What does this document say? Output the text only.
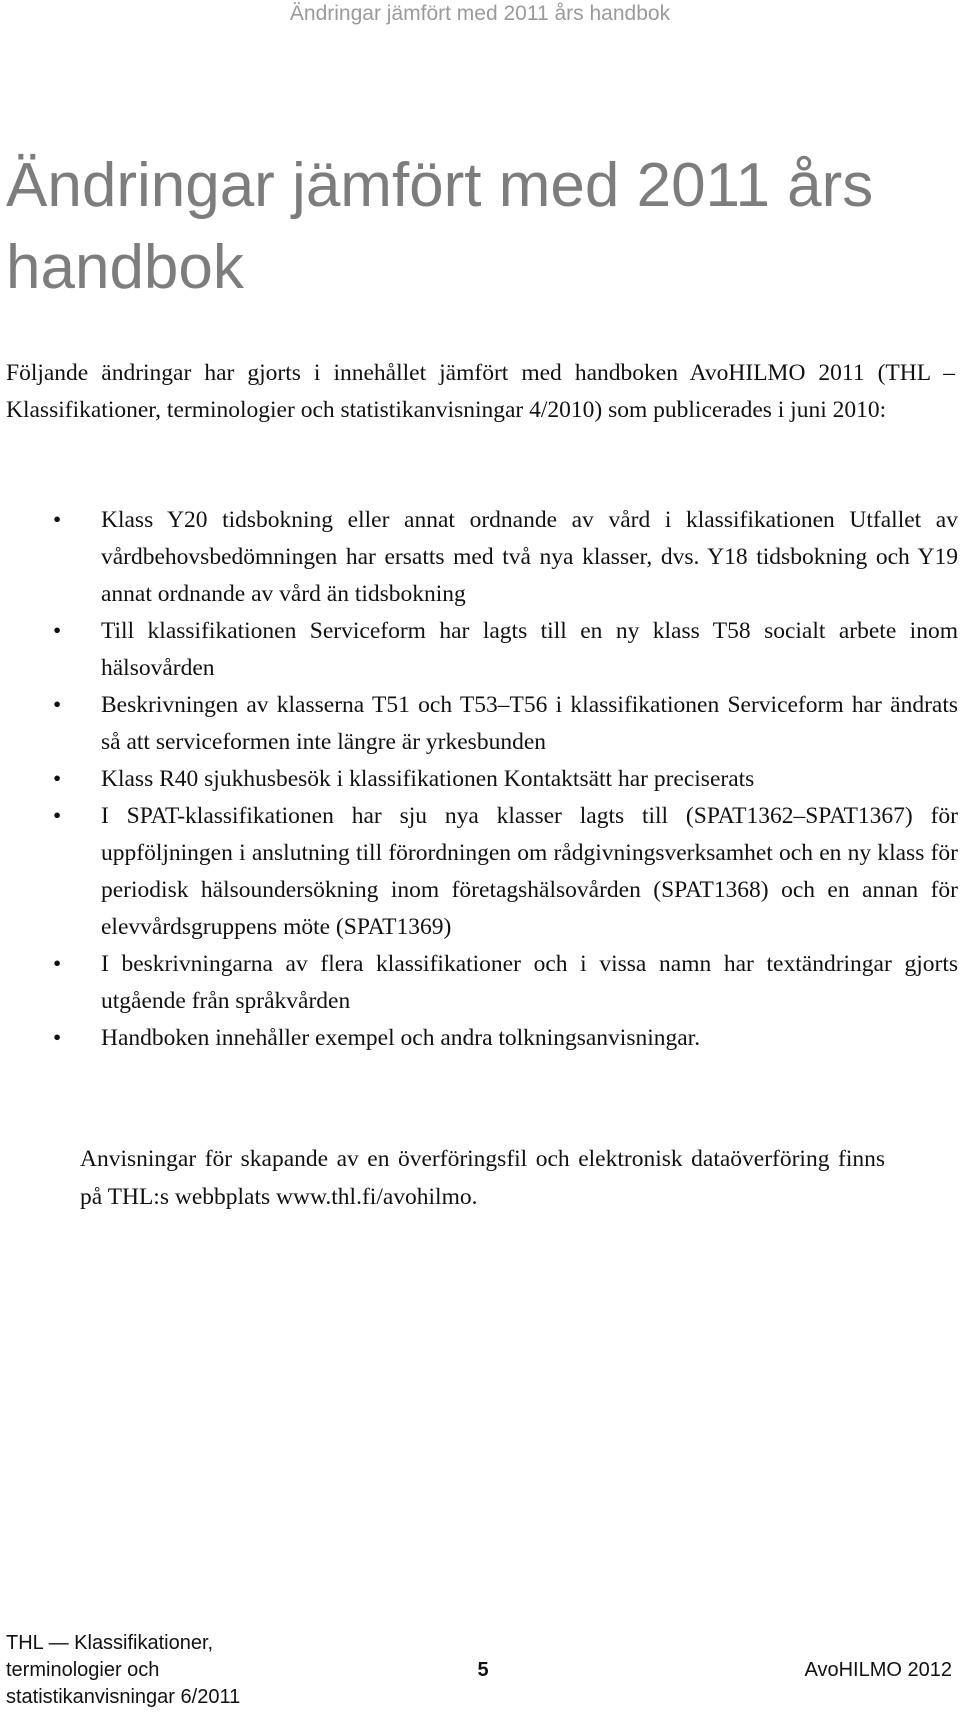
Ändringar jämfört med 2011 års handbok
Ändringar jämfört med 2011 års handbok

Följande ändringar har gjorts i innehållet jämfört med handboken AvoHILMO 2011 (THL – Klassifikationer, terminologier och statistikanvisningar 4/2010) som publicerades i juni 2010:

•	Klass Y20 tidsbokning eller annat ordnande av vård i klassifikationen Utfallet av vårdbehovsbedömningen har ersatts med två nya klasser, dvs. Y18 tidsbokning och Y19 annat ordnande av vård än tidsbokning
•	Till klassifikationen Serviceform har lagts till en ny klass T58 socialt arbete inom hälsovården
•	Beskrivningen av klasserna T51 och T53–T56 i klassifikationen Serviceform har ändrats så att serviceformen inte längre är yrkesbunden
•	Klass R40 sjukhusbesök i klassifikationen Kontaktsätt har preciserats
•	I SPAT-klassifikationen har sju nya klasser lagts till (SPAT1362–SPAT1367) för uppföljningen i anslutning till förordningen om rådgivningsverksamhet och en ny klass för periodisk hälsoundersökning inom företagshälsovården (SPAT1368) och en annan för elevvårdsgruppens möte (SPAT1369)
•	I beskrivningarna av flera klassifikationer och i vissa namn har textändringar gjorts utgående från språkvården
•	Handboken innehåller exempel och andra tolkningsanvisningar.

Anvisningar för skapande av en överföringsfil och elektronisk dataöverföring finns på THL:s webbplats www.thl.fi/avohilmo.

THL — Klassifikationer,
terminologier och
statistikanvisningar 6/2011
5	AvoHILMO 2012
